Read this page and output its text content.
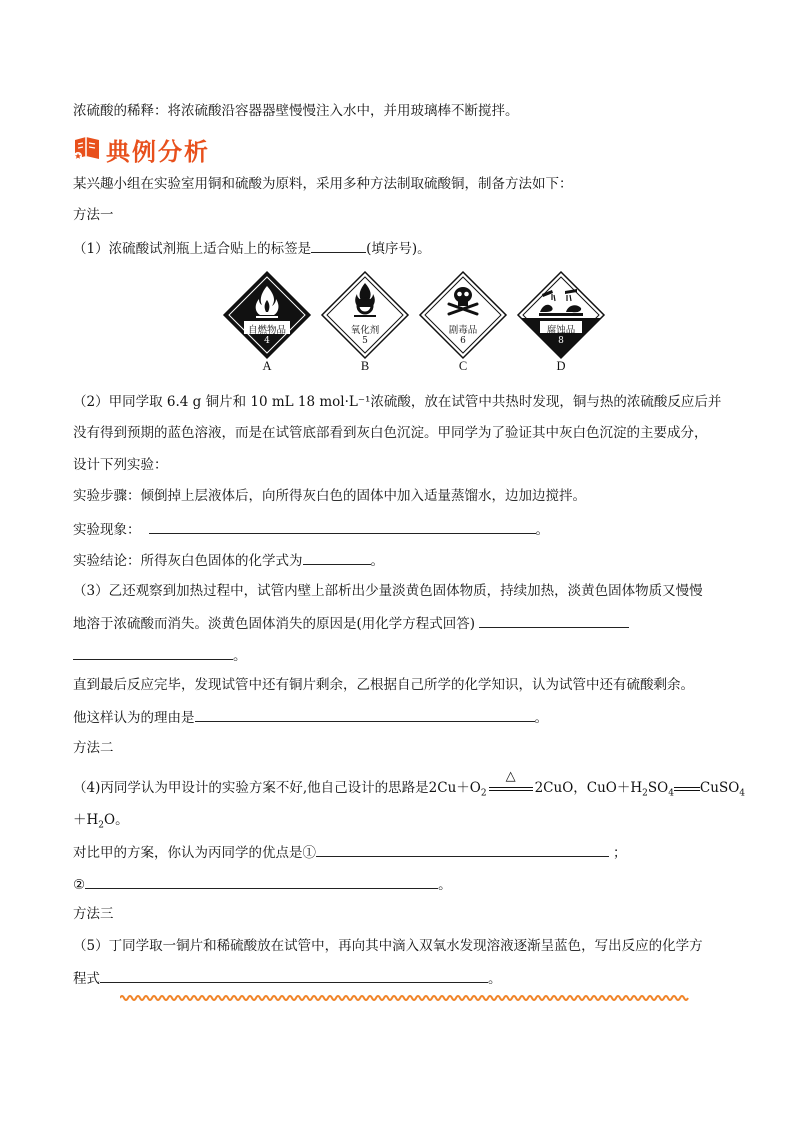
浓硫酸的稀释：将浓硫酸沿容器器壁慢慢注入水中，并用玻璃棒不断搅拌。
典例分析
某兴趣小组在实验室用铜和硫酸为原料，采用多种方法制取硫酸铜，制备方法如下：
方法一
（1）浓硫酸试剂瓶上适合贴上的标签是	(填序号)。
自燃物品
4
A
氧化剂
5
B
剧毒品
6
C
腐蚀品
8
D
（2）甲同学取 6.4 g 铜片和 10 mL 18 mol·L⁻¹浓硫酸，放在试管中共热时发现，铜与热的浓硫酸反应后并
没有得到预期的蓝色溶液，而是在试管底部看到灰白色沉淀。甲同学为了验证其中灰白色沉淀的主要成分，
设计下列实验：
实验步骤：倾倒掉上层液体后，向所得灰白色的固体中加入适量蒸馏水，边加边搅拌。
实验现象：	。
实验结论：所得灰白色固体的化学式为	。
（3）乙还观察到加热过程中，试管内壁上部析出少量淡黄色固体物质，持续加热，淡黄色固体物质又慢慢
地溶于浓硫酸而消失。淡黄色固体消失的原因是(用化学方程式回答)
。
直到最后反应完毕，发现试管中还有铜片剩余，乙根据自己所学的化学知识，认为试管中还有硫酸剩余。
他这样认为的理由是	。
方法二
（4)丙同学认为甲设计的实验方案不好,他自己设计的思路是$2Cu+O_2$
△
2CuO，$CuO+H_2SO_4$ CuSO$_4$
$+H_2O$。
对比甲的方案，你认为丙同学的优点是①	；
②	。
方法三
（5）丁同学取一铜片和稀硫酸放在试管中，再向其中滴入双氧水发现溶液逐渐呈蓝色，写出反应的化学方
程式	。
